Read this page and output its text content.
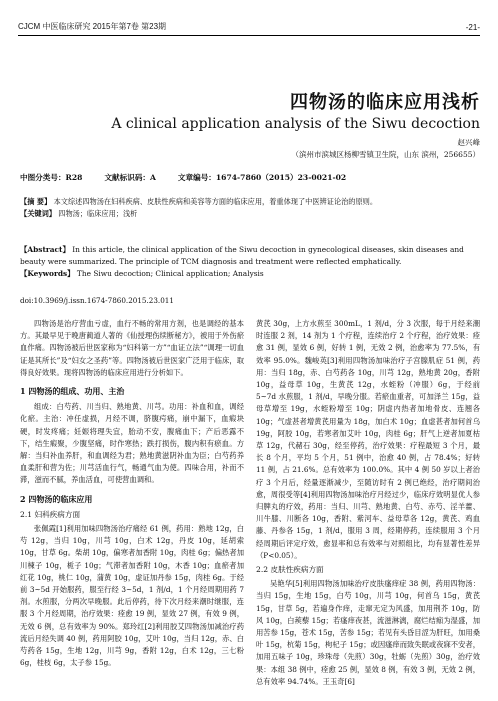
CJCM 中医临床研究 2015年第7卷 第23期	-21-
四物汤的临床应用浅析
A clinical application analysis of the Siwu decoction
赵兴峰
（滨州市滨城区杨柳雪镇卫生院，山东 滨州，256655）
中图分类号：R28	文献标识码：A	文章编号：1674-7860（2015）23-0021-02
【摘 要】 本文综述四物汤在妇科疾病、皮肤性疾病和美容等方面的临床应用，着重体现了中医辨证论治的原则。
【关键词】 四物汤；临床应用；浅析
【Abstract】 In this article, the clinical application of the Siwu decoction in gynecological diseases, skin diseases and beauty were summarized. The principle of TCM diagnosis and treatment were reflected emphatically.
【Keywords】 The Siwu decoction; Clinical application; Analysis
doi:10.3969/j.issn.1674-7860.2015.23.011

四物汤是治疗营血亏虚，血行不畅的常用方剂，也是调经的基本方。其最早见于晚唐蔺道人著的《仙授理伤续断秘方》，被用于外伤瘀血作痛。四物汤被后世医家称为“妇科第一方”“血证立法”“调理一切血证是其所长”及“妇女之圣药”等。四物汤被后世医家广泛用于临床，取得良好效果。现将四物汤的临床应用进行分析如下。

1 四物汤的组成、功用、主治

组成：白芍药、川当归、熟地黄、川芎。功用：补血和血，调经化瘀。主治：冲任虚损，月经不调，脐腹疞痛，崩中漏下，血瘕块硬，时发疼痛；妊娠将理失宜，胎动不安，腹痛血下；产后恶露不下，结生瘕聚，少腹坚痛，时作寒热；跌打损伤，腹内积有瘀血。方解：当归补血养肝，和血调经为君；熟地黄滋阴补血为臣；白芍药养血柔肝和营为佐；川芎活血行气，畅通气血为使。四味合用，补而不滞，滋而不腻，养血活血，可使营血调和。

2 四物汤的临床应用
2.1 妇科疾病方面

张佩霞[1]利用加味四物汤治疗痛经 61 例，药用：熟地 12g，白芍 12g，当归 10g，川芎 10g，白术 12g，丹皮 10g，延胡索 10g，甘草 6g。柴胡 10g，偏寒者加香附 10g，肉桂 6g；偏热者加川楝子 10g，栀子 10g；气滞者加香附 10g，木香 10g；血瘀者加红花 10g，桃仁 10g，蒲黄 10g，虚证加丹参 15g，肉桂 6g。于经前 3~5d 开始服药，服至行经 3~5d，1 剂/d，1 个月经周期用药 7 剂。水煎服，分两次早晚服。此后停药，待下次月经来潮时继服，连服 3 个月经周期，治疗效果：痊愈 19 例，显效 27 例，有效 9 例，无效 6 例，总有效率为 90%。郑玲红[2]利用胶艾四物汤加减治疗药流后月经失调 40 例，药用阿胶 10g，艾叶 10g，当归 12g，赤、白芍药各 15g，生地 12g，川芎 9g，香附 12g，白术 12g，三七粉 6g，桂枝 6g，太子参 15g。

黄芪 30g，上方水煎至 300mL，1 剂/d，分 3 次服，每于月经来潮时连服 2 剂，14 剂为 1 个疗程，连续治疗 2 个疗程，治疗效果：痊愈 31 例，显效 6 例，好转 1 例，无效 2 例，治愈率为 77.5%，有效率 95.0%。魏峻英[3]利用四物汤加味治疗子宫腺肌症 51 例，药用：当归 18g，赤、白芍药各 10g，川芎 12g，熟地黄 20g，香附 10g，益母草 10g，生黄芪 12g，水蛭粉（冲服）6g，于经前 5~7d 水煎服，1 剂/d，早晚分服。若瘀血重者，可加泽兰 15g，益母草增至 19g，水蛭粉增至 10g；阴虚内热者加地骨皮、连翘各 10g；气虚甚者增黄芪用量为 18g，加白术 10g；血虚甚者加何首乌 19g，阿胶 10g，若寒者加艾叶 10g，肉桂 6g；肝气上逆者加夏枯草 12g，代赭石 30g，经至停药，治疗效果：疗程最短 3 个月，最长 8 个月，平均 5 个月，51 例中，治愈 40 例，占 78.4%；好转 11 例，占 21.6%。总有效率为 100.0%。其中 4 例 50 岁以上者治疗 3 个月后，经量逐渐减少，至随访时有 2 例已绝经，治疗期间治愈，周很受等[4]利用四物汤加味治疗月经过少，临床疗效明显优人参归脾丸的疗效，药用：当归、川芎、熟地黄、白芍、赤芍、淫羊藿、川牛膝、川断各 10g，香附、紫河车、益母草各 12g，黄芪、鸡血藤、丹参各 15g，1 剂/d，服用 3 周，经期停药，连续服用 3 个月经周期后评定疗效，愈显率和总有效率与对照组比，均有显著性差异（P<0.05）。

2.2 皮肤性疾病方面

吴艳华[5]利用四物汤加味治疗皮肤瘙痒症 38 例，药用四物汤：当归 15g，生地 15g，白芍 10g，川芎 10g，何首乌 15g，黄芪 15g，甘草 5g，若遍身作痒，走窜无定为风盛，加用荆芥 10g，防风 10g，白蒺藜 15g；若瘙痒夜甚，流滋淋漓，腐烂结痂为湿盛，加用苦参 15g，苍术 15g，苦参 15g；若见有头昏目涩为肝旺，加用桑叶 15g，杭菊 15g，枸杞子 15g；或因瘙痒而致失眠或夜寐不安者，加用五味子 10g，珍珠母（先煎）30g，牡蛎（先煎）30g，治疗效果：本组 38 例中，痊愈 25 例，显效 8 例，有效 3 例，无效 2 例，总有效率 94.74%。王玉奇[6]
